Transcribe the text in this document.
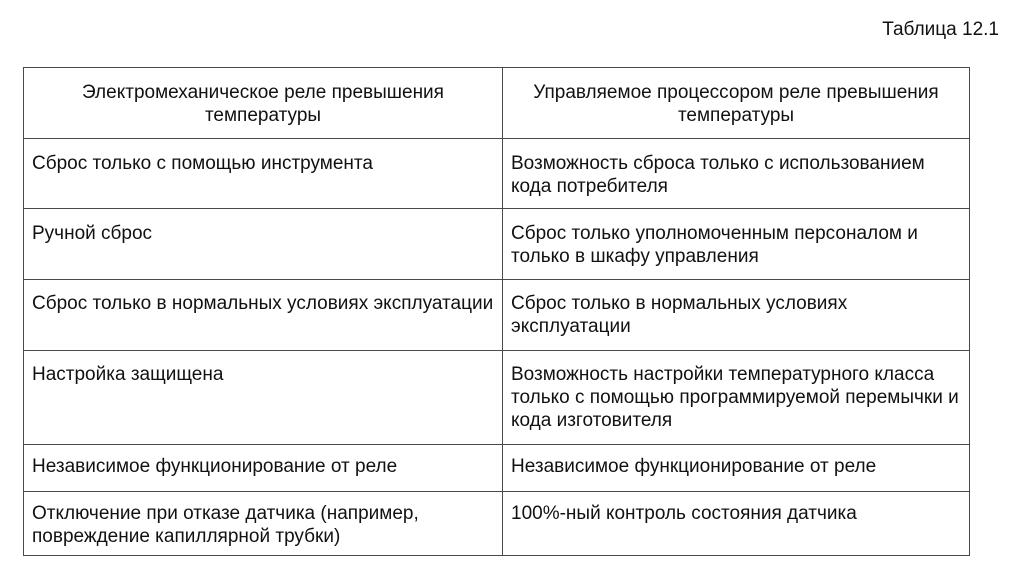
Таблица 12.1
Электромеханическое реле превышения температуры	Управляемое процессором реле превышения температуры
Сброс только с помощью инструмента	Возможность сброса только с использованием кода потребителя
Ручной сброс	Сброс только уполномоченным персоналом и только в шкафу управления
Сброс только в нормальных условиях эксплуатации	Сброс только в нормальных условиях эксплуатации
Настройка защищена	Возможность настройки температурного класса только с помощью программируемой перемычки и кода изготовителя
Независимое функционирование от реле	Независимое функционирование от реле
Отключение при отказе датчика (например, повреждение капиллярной трубки)	100%-ный контроль состояния датчика
